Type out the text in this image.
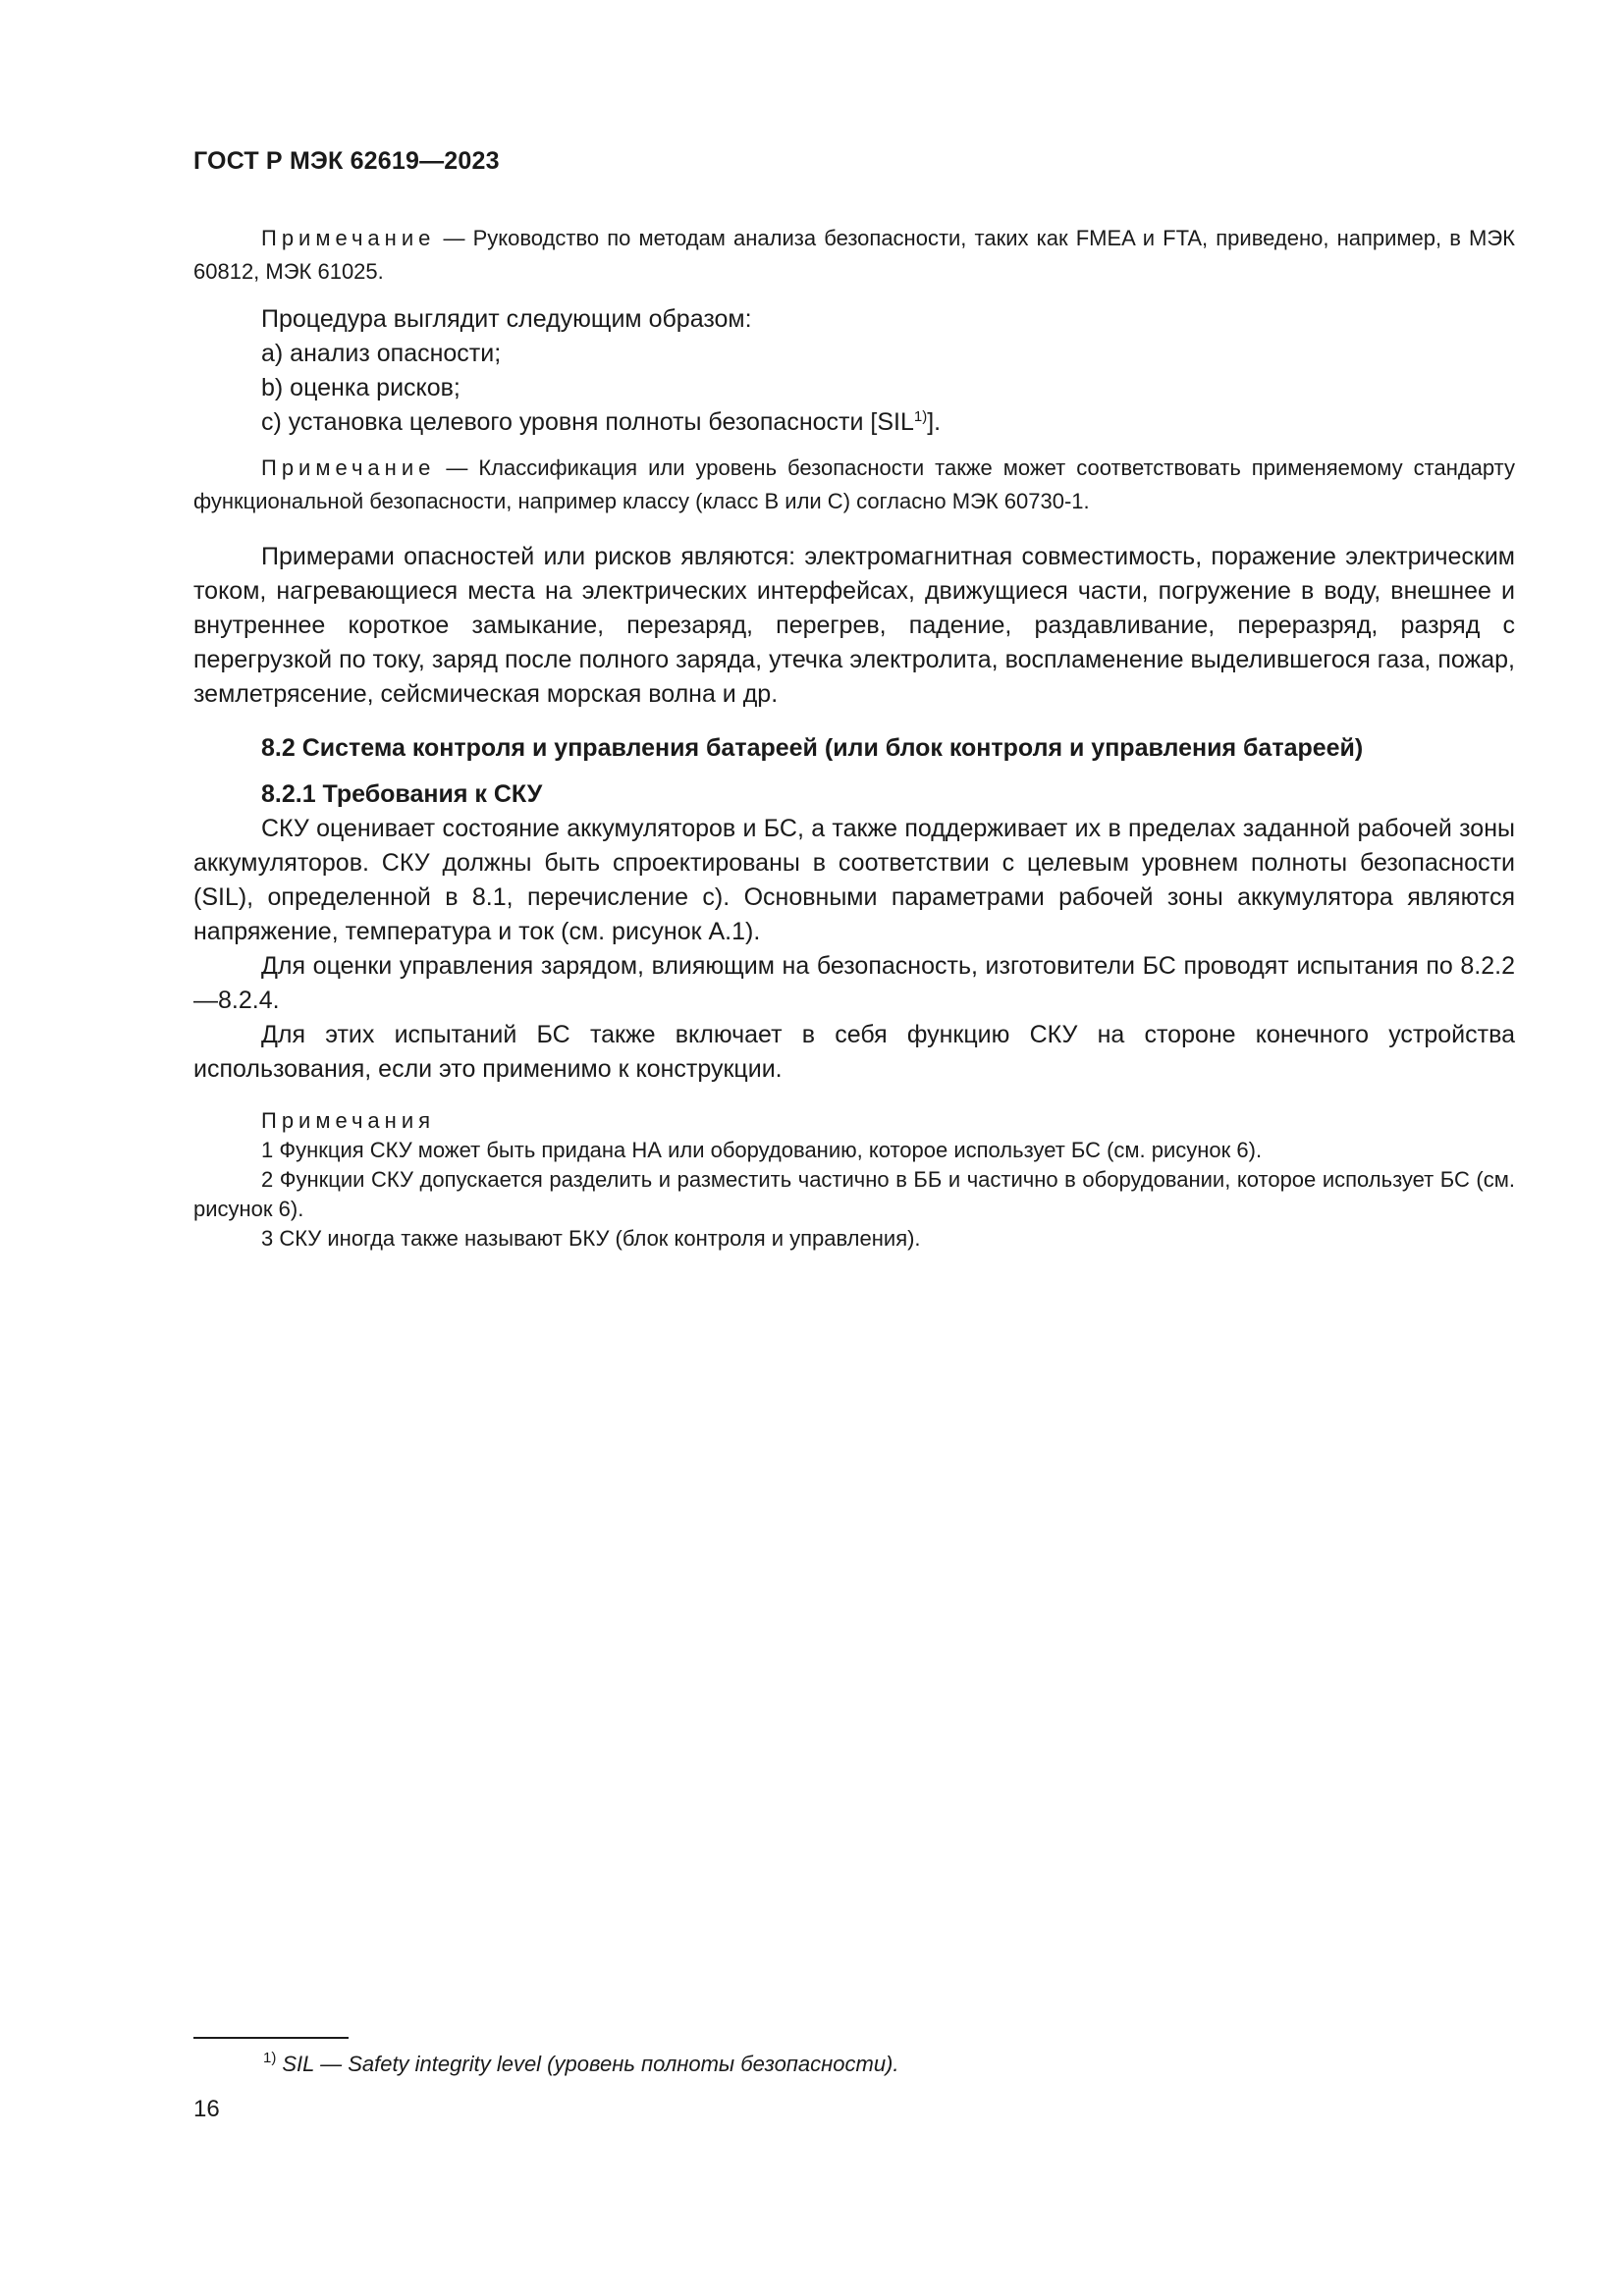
ГОСТ Р МЭК 62619—2023

Примечание — Руководство по методам анализа безопасности, таких как FMEA и FTA, приведено, например, в МЭК 60812, МЭК 61025.

Процедура выглядит следующим образом:

a) анализ опасности;
b) оценка рисков;
c) установка целевого уровня полноты безопасности [SIL$^{1)}$].

Примечание — Классификация или уровень безопасности также может соответствовать применяемому стандарту функциональной безопасности, например классу (класс B или C) согласно МЭК 60730-1.

Примерами опасностей или рисков являются: электромагнитная совместимость, поражение электрическим током, нагревающиеся места на электрических интерфейсах, движущиеся части, погружение в воду, внешнее и внутреннее короткое замыкание, перезаряд, перегрев, падение, раздавливание, переразряд, разряд с перегрузкой по току, заряд после полного заряда, утечка электролита, воспламенение выделившегося газа, пожар, землетрясение, сейсмическая морская волна и др.

8.2 Система контроля и управления батареей (или блок контроля и управления батареей)

8.2.1 Требования к СКУ

СКУ оценивает состояние аккумуляторов и БС, а также поддерживает их в пределах заданной рабочей зоны аккумуляторов. СКУ должны быть спроектированы в соответствии с целевым уровнем полноты безопасности (SIL), определенной в 8.1, перечисление c). Основными параметрами рабочей зоны аккумулятора являются напряжение, температура и ток (см. рисунок A.1).

Для оценки управления зарядом, влияющим на безопасность, изготовители БС проводят испытания по 8.2.2—8.2.4.

Для этих испытаний БС также включает в себя функцию СКУ на стороне конечного устройства использования, если это применимо к конструкции.

Примечания

1 Функция СКУ может быть придана НА или оборудованию, которое использует БС (см. рисунок 6).

2 Функции СКУ допускается разделить и разместить частично в ББ и частично в оборудовании, которое использует БС (см. рисунок 6).

3 СКУ иногда также называют БКУ (блок контроля и управления).

$^{1)}$ SIL — Safety integrity level (уровень полноты безопасности).
16
